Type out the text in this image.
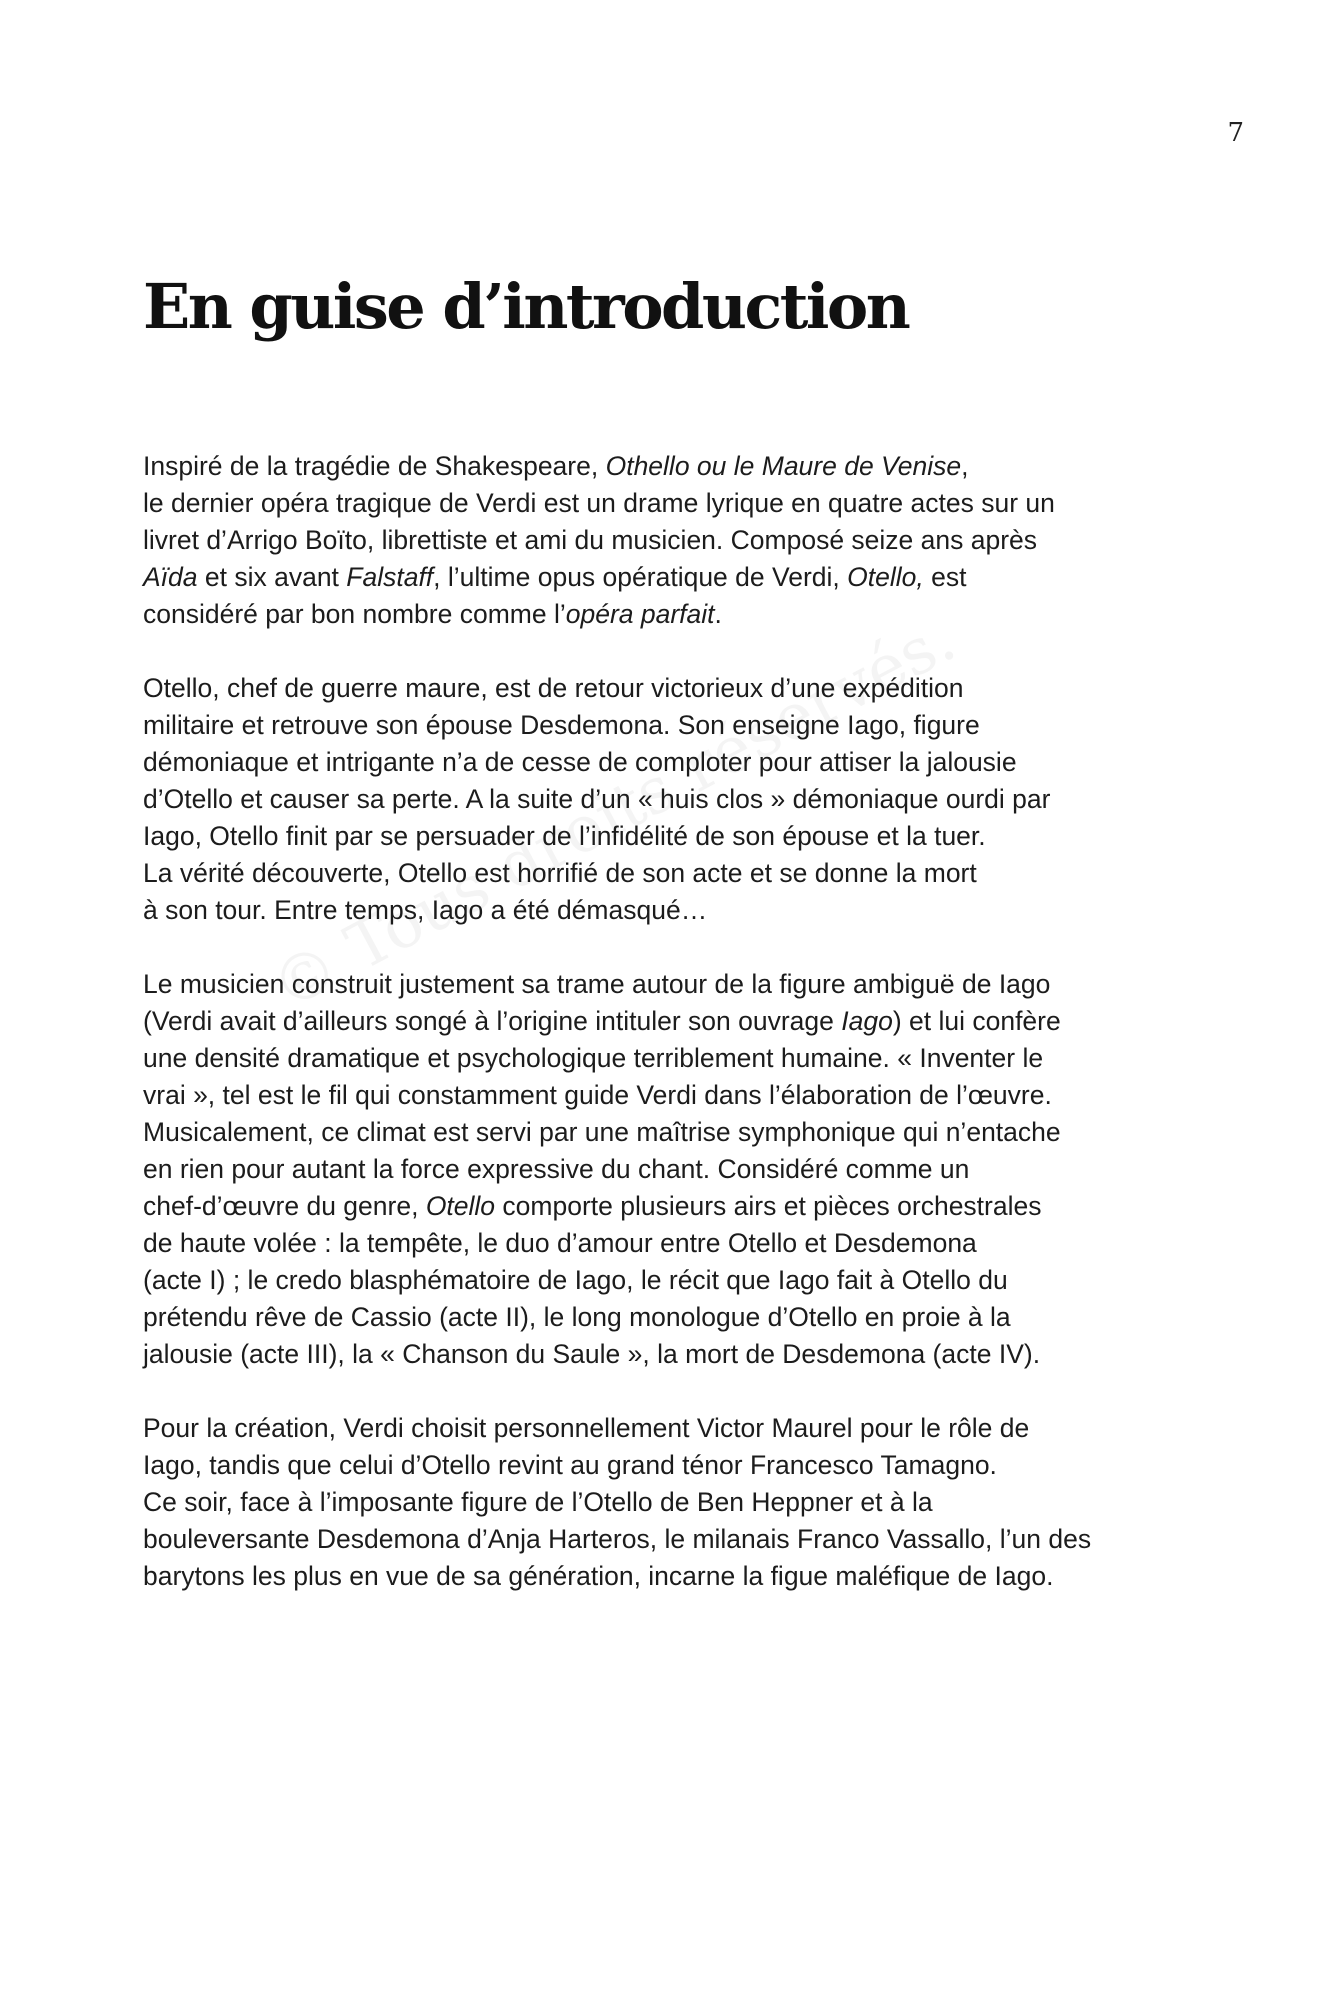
7
En guise d’introduction

Inspiré de la tragédie de Shakespeare, Othello ou le Maure de Venise,
le dernier opéra tragique de Verdi est un drame lyrique en quatre actes sur un
livret d’Arrigo Boïto, librettiste et ami du musicien. Composé seize ans après
Aïda et six avant Falstaff, l’ultime opus opératique de Verdi, Otello, est
considéré par bon nombre comme l’opéra parfait.

Otello, chef de guerre maure, est de retour victorieux d’une expédition
militaire et retrouve son épouse Desdemona. Son enseigne Iago, figure
démoniaque et intrigante n’a de cesse de comploter pour attiser la jalousie
d’Otello et causer sa perte. A la suite d’un « huis clos » démoniaque ourdi par
Iago, Otello finit par se persuader de l’infidélité de son épouse et la tuer.
La vérité découverte, Otello est horrifié de son acte et se donne la mort
à son tour. Entre temps, Iago a été démasqué…

Le musicien construit justement sa trame autour de la figure ambiguë de Iago
(Verdi avait d’ailleurs songé à l’origine intituler son ouvrage Iago) et lui confère
une densité dramatique et psychologique terriblement humaine. « Inventer le
vrai », tel est le fil qui constamment guide Verdi dans l’élaboration de l’œuvre.
Musicalement, ce climat est servi par une maîtrise symphonique qui n’entache
en rien pour autant la force expressive du chant. Considéré comme un
chef-d’œuvre du genre, Otello comporte plusieurs airs et pièces orchestrales
de haute volée : la tempête, le duo d’amour entre Otello et Desdemona
(acte I) ; le credo blasphématoire de Iago, le récit que Iago fait à Otello du
prétendu rêve de Cassio (acte II), le long monologue d’Otello en proie à la
jalousie (acte III), la « Chanson du Saule », la mort de Desdemona (acte IV).

Pour la création, Verdi choisit personnellement Victor Maurel pour le rôle de
Iago, tandis que celui d’Otello revint au grand ténor Francesco Tamagno.
Ce soir, face à l’imposante figure de l’Otello de Ben Heppner et à la
bouleversante Desdemona d’Anja Harteros, le milanais Franco Vassallo, l’un des
barytons les plus en vue de sa génération, incarne la figue maléfique de Iago.
